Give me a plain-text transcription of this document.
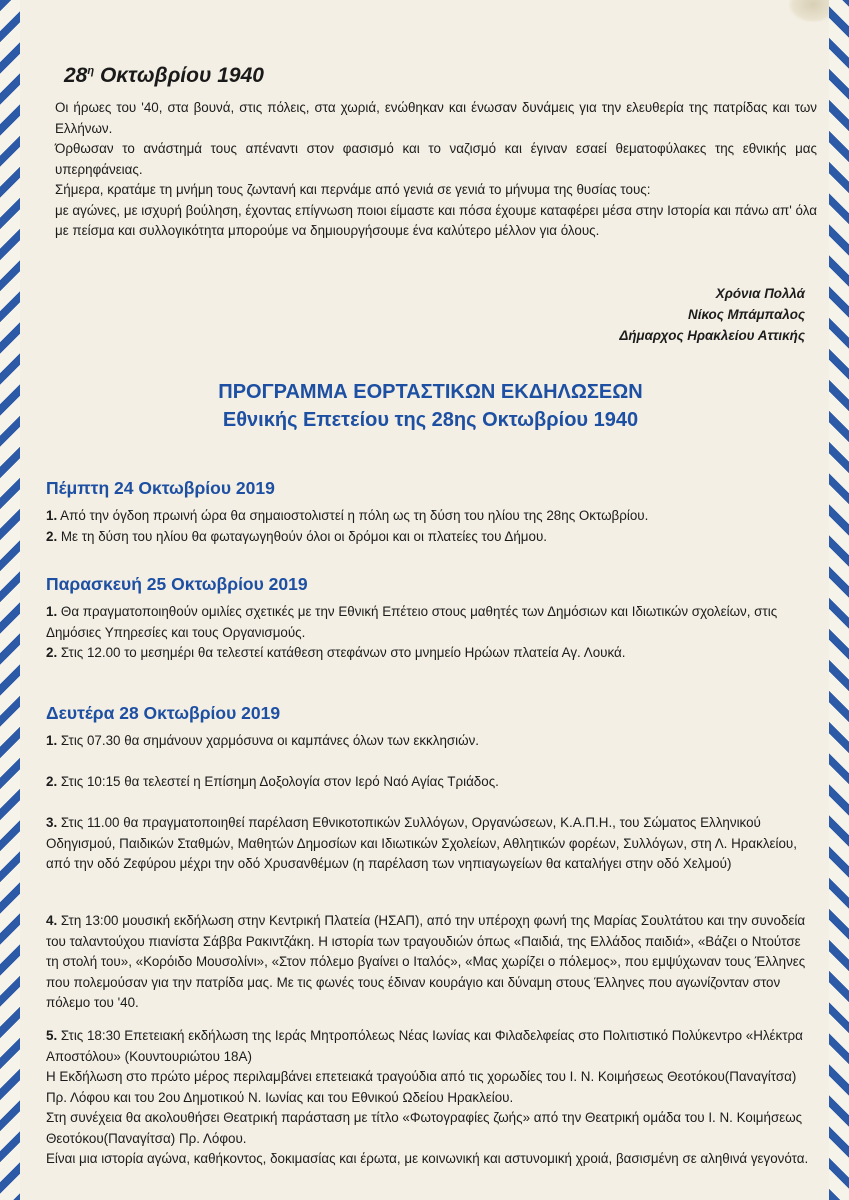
$28^\eta$ Οκτωβρίου 1940

Οι ήρωες του '40, στα βουνά, στις πόλεις, στα χωριά, ενώθηκαν και ένωσαν δυνάμεις για την ελευθερία της πατρίδας και των Ελλήνων.

Όρθωσαν το ανάστημά τους απέναντι στον φασισμό και το ναζισμό και έγιναν εσαεί θεματοφύλακες της εθνικής μας υπερηφάνειας.

Σήμερα, κρατάμε τη μνήμη τους ζωντανή και περνάμε από γενιά σε γενιά το μήνυμα της θυσίας τους:

με αγώνες, με ισχυρή βούληση, έχοντας επίγνωση ποιοι είμαστε και πόσα έχουμε καταφέρει μέσα στην Ιστορία και πάνω απ' όλα με πείσμα και συλλογικότητα μπορούμε να δημιουργήσουμε ένα καλύτερο μέλλον για όλους.

Χρόνια Πολλά
Νίκος Μπάμπαλος
Δήμαρχος Ηρακλείου Αττικής
ΠΡΟΓΡΑΜΜΑ ΕΟΡΤΑΣΤΙΚΩΝ ΕΚΔΗΛΩΣΕΩΝ
Εθνικής Επετείου της 28ης Οκτωβρίου 1940
Πέμπτη 24 Οκτωβρίου 2019

1. Από την όγδοη πρωινή ώρα θα σημαιοστολιστεί η πόλη ως τη δύση του ηλίου της 28ης Οκτωβρίου.

2. Με τη δύση του ηλίου θα φωταγωγηθούν όλοι οι δρόμοι και οι πλατείες του Δήμου.

Παρασκευή 25 Οκτωβρίου 2019

1. Θα πραγματοποιηθούν ομιλίες σχετικές με την Εθνική Επέτειο στους μαθητές των Δημόσιων και Ιδιωτικών σχολείων, στις Δημόσιες Υπηρεσίες και τους Οργανισμούς.

2. Στις 12.00 το μεσημέρι θα τελεστεί κατάθεση στεφάνων στο μνημείο Ηρώων πλατεία Αγ. Λουκά.

Δευτέρα 28 Οκτωβρίου 2019

1. Στις 07.30 θα σημάνουν χαρμόσυνα οι καμπάνες όλων των εκκλησιών.

2. Στις 10:15 θα τελεστεί η Επίσημη Δοξολογία στον Ιερό Ναό Αγίας Τριάδος.

3. Στις 11.00 θα πραγματοποιηθεί παρέλαση Εθνικοτοπικών Συλλόγων, Οργανώσεων, Κ.Α.Π.Η., του Σώματος Ελληνικού Οδηγισμού, Παιδικών Σταθμών, Μαθητών Δημοσίων και Ιδιωτικών Σχολείων, Αθλητικών φορέων, Συλλόγων, στη Λ. Ηρακλείου, από την οδό Ζεφύρου μέχρι την οδό Χρυσανθέμων (η παρέλαση των νηπιαγωγείων θα καταλήγει στην οδό Χελμού)

4. Στη 13:00 μουσική εκδήλωση στην Κεντρική Πλατεία (ΗΣΑΠ), από την υπέροχη φωνή της Μαρίας Σουλτάτου και την συνοδεία του ταλαντούχου πιανίστα Σάββα Ρακιντζάκη. Η ιστορία των τραγουδιών όπως «Παιδιά, της Ελλάδος παιδιά», «Βάζει ο Ντούτσε τη στολή του», «Κορόιδο Μουσολίνι», «Στον πόλεμο βγαίνει ο Ιταλός», «Μας χωρίζει ο πόλεμος», που εμψύχωναν τους Έλληνες που πολεμούσαν για την πατρίδα μας. Με τις φωνές τους έδιναν κουράγιο και δύναμη στους Έλληνες που αγωνίζονταν στον πόλεμο του '40.

5. Στις 18:30 Επετειακή εκδήλωση της Ιεράς Μητροπόλεως Νέας Ιωνίας και Φιλαδελφείας στο Πολιτιστικό Πολύκεντρο «Ηλέκτρα Αποστόλου» (Κουντουριώτου 18Α)

Η Εκδήλωση στο πρώτο μέρος περιλαμβάνει επετειακά τραγούδια από τις χορωδίες του Ι. Ν. Κοιμήσεως Θεοτόκου(Παναγίτσα) Πρ. Λόφου και του 2ου Δημοτικού Ν. Ιωνίας και του Εθνικού Ωδείου Ηρακλείου.

Στη συνέχεια θα ακολουθήσει Θεατρική παράσταση με τίτλο «Φωτογραφίες ζωής» από την Θεατρική ομάδα του Ι. Ν. Κοιμήσεως Θεοτόκου(Παναγίτσα) Πρ. Λόφου.

Είναι μια ιστορία αγώνα, καθήκοντος, δοκιμασίας και έρωτα, με κοινωνική και αστυνομική χροιά, βασισμένη σε αληθινά γεγονότα.
